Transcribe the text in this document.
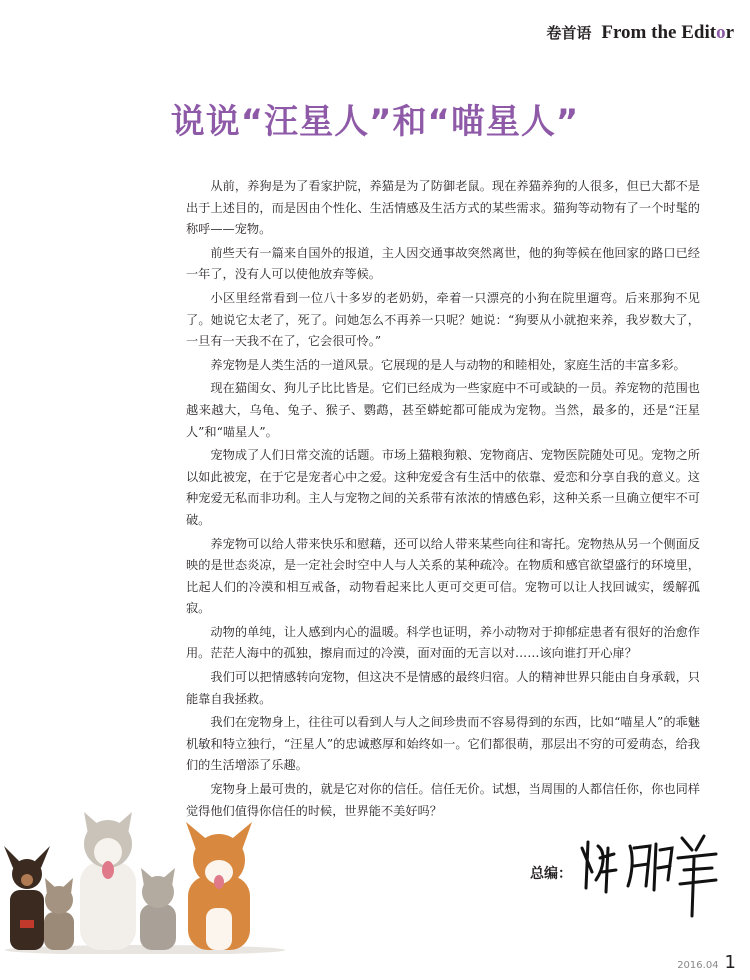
卷首语 From the Editor
说说“汪星人”和“喵星人”

从前，养狗是为了看家护院，养猫是为了防御老鼠。现在养猫养狗的人很多，但已大都不是出于上述目的，而是因由个性化、生活情感及生活方式的某些需求。猫狗等动物有了一个时髦的称呼——宠物。

前些天有一篇来自国外的报道，主人因交通事故突然离世，他的狗等候在他回家的路口已经一年了，没有人可以使他放弃等候。

小区里经常看到一位八十多岁的老奶奶，牵着一只漂亮的小狗在院里遛弯。后来那狗不见了。她说它太老了，死了。问她怎么不再养一只呢？她说：“狗要从小就抱来养，我岁数大了，一旦有一天我不在了，它会很可怜。”

养宠物是人类生活的一道风景。它展现的是人与动物的和睦相处，家庭生活的丰富多彩。

现在猫闺女、狗儿子比比皆是。它们已经成为一些家庭中不可或缺的一员。养宠物的范围也越来越大，乌龟、兔子、猴子、鹦鹉，甚至蟒蛇都可能成为宠物。当然，最多的，还是“汪星人”和“喵星人”。

宠物成了人们日常交流的话题。市场上猫粮狗粮、宠物商店、宠物医院随处可见。宠物之所以如此被宠，在于它是宠者心中之爱。这种宠爱含有生活中的依靠、爱恋和分享自我的意义。这种宠爱无私而非功利。主人与宠物之间的关系带有浓浓的情感色彩，这种关系一旦确立便牢不可破。

养宠物可以给人带来快乐和慰藉，还可以给人带来某些向往和寄托。宠物热从另一个侧面反映的是世态炎凉，是一定社会时空中人与人关系的某种疏冷。在物质和感官欲望盛行的环境里，比起人们的冷漠和相互戒备，动物看起来比人更可交更可信。宠物可以让人找回诚实，缓解孤寂。

动物的单纯，让人感到内心的温暖。科学也证明，养小动物对于抑郁症患者有很好的治愈作用。茫茫人海中的孤独，擦肩而过的冷漠，面对面的无言以对……该向谁打开心扉？

我们可以把情感转向宠物，但这决不是情感的最终归宿。人的精神世界只能由自身承载，只能靠自我拯救。

我们在宠物身上，往往可以看到人与人之间珍贵而不容易得到的东西，比如“喵星人”的乖魅机敏和特立独行，“汪星人”的忠诚憨厚和始终如一。它们都很萌，那层出不穷的可爱萌态，给我们的生活增添了乐趣。

宠物身上最可贵的，就是它对你的信任。信任无价。试想，当周围的人都信任你，你也同样觉得他们值得你信任的时候，世界能不美好吗？

总编：
2016.04 1
